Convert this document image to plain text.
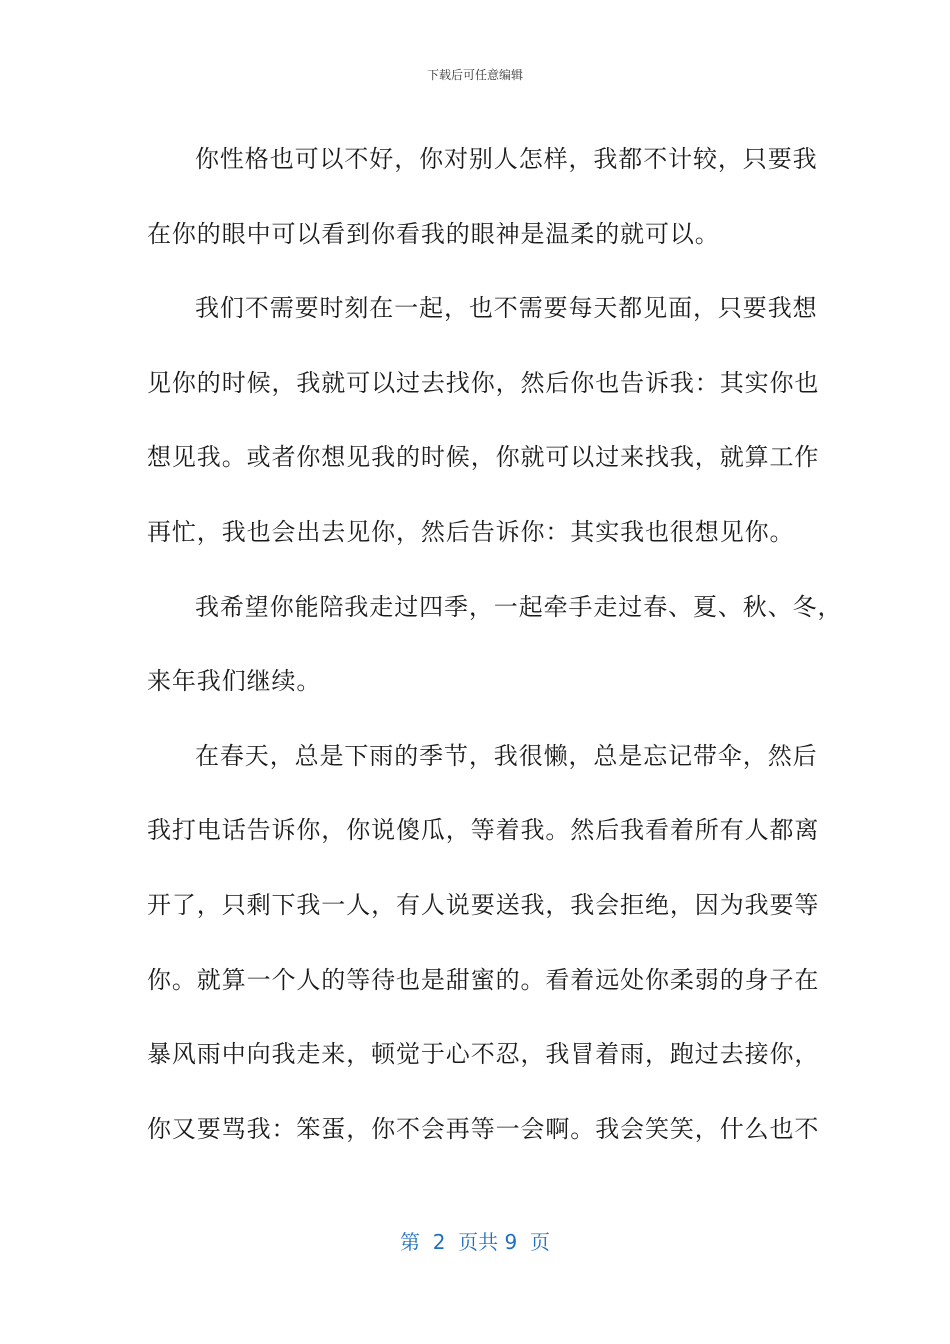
下载后可任意编辑

你性格也可以不好，你对别人怎样，我都不计较，只要我
在你的眼中可以看到你看我的眼神是温柔的就可以。

我们不需要时刻在一起，也不需要每天都见面，只要我想
见你的时候，我就可以过去找你，然后你也告诉我：其实你也
想见我。或者你想见我的时候，你就可以过来找我，就算工作
再忙，我也会出去见你，然后告诉你：其实我也很想见你。

我希望你能陪我走过四季，一起牵手走过春、夏、秋、冬，
来年我们继续。

在春天，总是下雨的季节，我很懒，总是忘记带伞，然后
我打电话告诉你，你说傻瓜，等着我。然后我看着所有人都离
开了，只剩下我一人，有人说要送我，我会拒绝，因为我要等
你。就算一个人的等待也是甜蜜的。看着远处你柔弱的身子在
暴风雨中向我走来，顿觉于心不忍，我冒着雨，跑过去接你，
你又要骂我：笨蛋，你不会再等一会啊。我会笑笑，什么也不

第  2  页共 9  页
